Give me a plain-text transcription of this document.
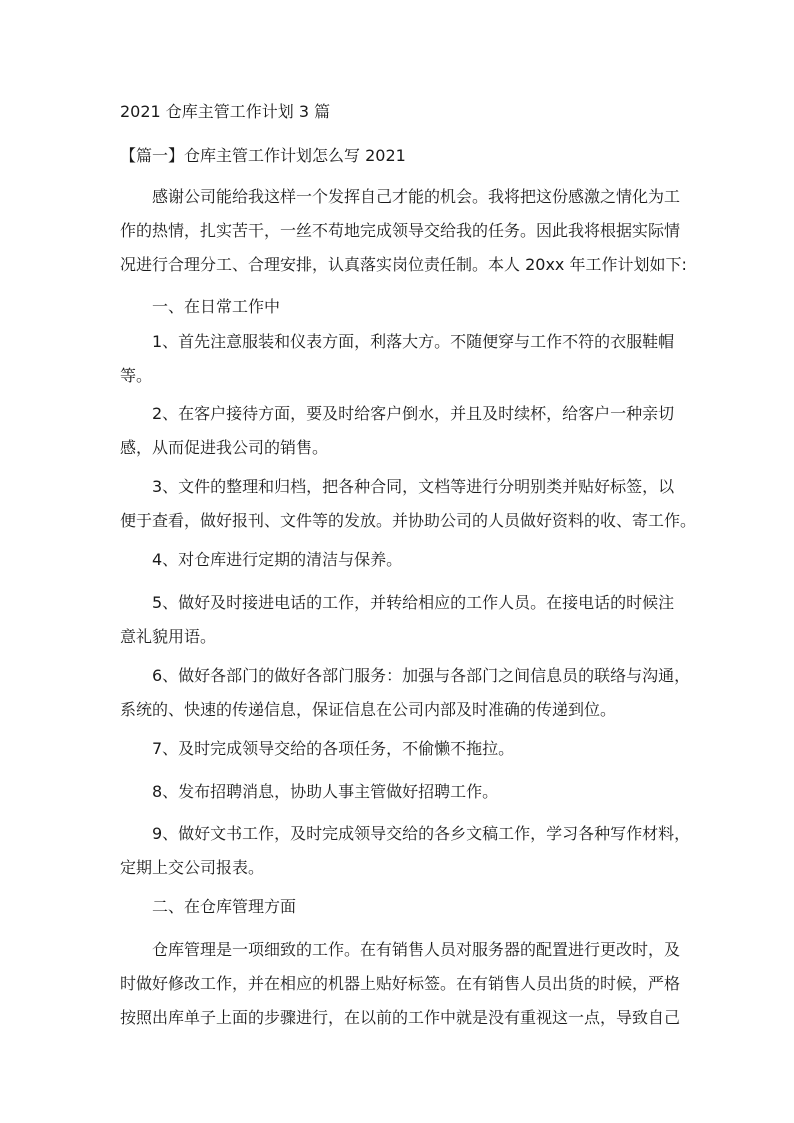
2021 仓库主管工作计划 3 篇
【篇一】仓库主管工作计划怎么写 2021

感谢公司能给我这样一个发挥自己才能的机会。我将把这份感激之情化为工
作的热情，扎实苦干，一丝不苟地完成领导交给我的任务。因此我将根据实际情
况进行合理分工、合理安排，认真落实岗位责任制。本人 20xx 年工作计划如下:

一、在日常工作中

1、首先注意服装和仪表方面，利落大方。不随便穿与工作不符的衣服鞋帽
等。

2、在客户接待方面，要及时给客户倒水，并且及时续杯，给客户一种亲切
感，从而促进我公司的销售。

3、文件的整理和归档，把各种合同，文档等进行分明别类并贴好标签，以
便于查看，做好报刊、文件等的发放。并协助公司的人员做好资料的收、寄工作。

4、对仓库进行定期的清洁与保养。

5、做好及时接进电话的工作，并转给相应的工作人员。在接电话的时候注
意礼貌用语。

6、做好各部门的做好各部门服务：加强与各部门之间信息员的联络与沟通，
系统的、快速的传递信息，保证信息在公司内部及时准确的传递到位。

7、及时完成领导交给的各项任务，不偷懒不拖拉。

8、发布招聘消息，协助人事主管做好招聘工作。

9、做好文书工作，及时完成领导交给的各乡文稿工作，学习各种写作材料，
定期上交公司报表。

二、在仓库管理方面

仓库管理是一项细致的工作。在有销售人员对服务器的配置进行更改时，及
时做好修改工作，并在相应的机器上贴好标签。在有销售人员出货的时候，严格
按照出库单子上面的步骤进行，在以前的工作中就是没有重视这一点，导致自己
